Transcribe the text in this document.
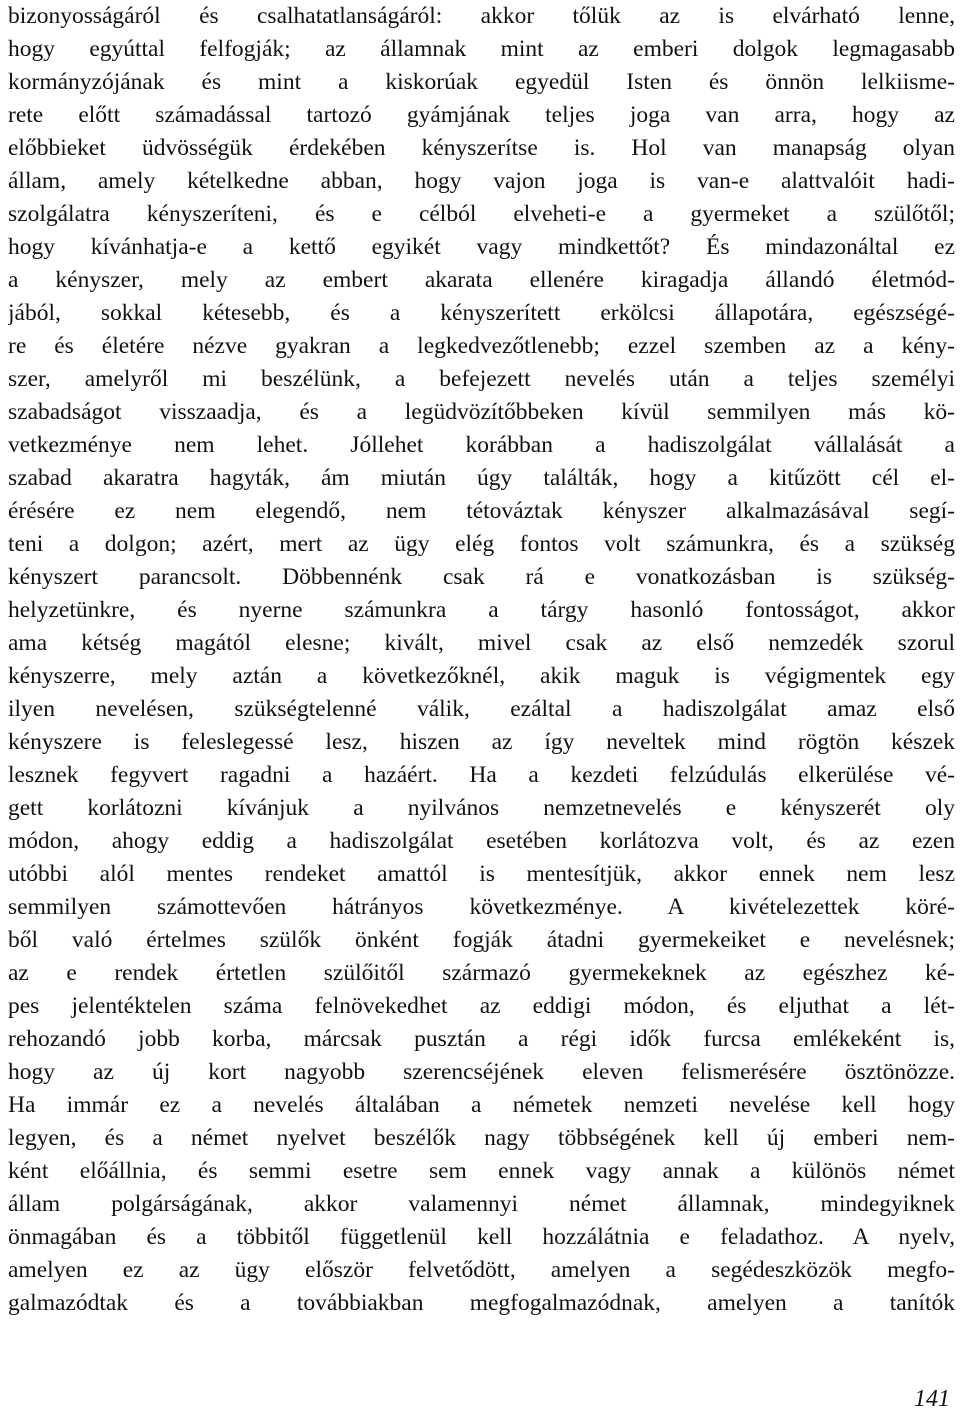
bizonyosságáról és csalhatatlanságáról: akkor tőlük az is elvárható lenne,
hogy egyúttal felfogják; az államnak mint az emberi dolgok legmagasabb
kormányzójának és mint a kiskorúak egyedül Isten és önnön lelkiisme-
rete előtt számadással tartozó gyámjának teljes joga van arra, hogy az
előbbieket üdvösségük érdekében kényszerítse is. Hol van manapság olyan
állam, amely kételkedne abban, hogy vajon joga is van-e alattvalóit hadi-
szolgálatra kényszeríteni, és e célból elveheti-e a gyermeket a szülőtől;
hogy kívánhatja-e a kettő egyikét vagy mindkettőt? És mindazonáltal ez
a kényszer, mely az embert akarata ellenére kiragadja állandó életmód-
jából, sokkal kétesebb, és a kényszerített erkölcsi állapotára, egészségé-
re és életére nézve gyakran a legkedvezőtlenebb; ezzel szemben az a kény-
szer, amelyről mi beszélünk, a befejezett nevelés után a teljes személyi
szabadságot visszaadja, és a legüdvözítőbbeken kívül semmilyen más kö-
vetkezménye nem lehet. Jóllehet korábban a hadiszolgálat vállalását a
szabad akaratra hagyták, ám miután úgy találták, hogy a kitűzött cél el-
érésére ez nem elegendő, nem tétováztak kényszer alkalmazásával segí-
teni a dolgon; azért, mert az ügy elég fontos volt számunkra, és a szükség
kényszert parancsolt. Döbbennénk csak rá e vonatkozásban is szükség-
helyzetünkre, és nyerne számunkra a tárgy hasonló fontosságot, akkor
ama kétség magától elesne; kivált, mivel csak az első nemzedék szorul
kényszerre, mely aztán a következőknél, akik maguk is végigmentek egy
ilyen nevelésen, szükségtelenné válik, ezáltal a hadiszolgálat amaz első
kényszere is feleslegessé lesz, hiszen az így neveltek mind rögtön készek
lesznek fegyvert ragadni a hazáért. Ha a kezdeti felzúdulás elkerülése vé-
gett korlátozni kívánjuk a nyilvános nemzetnevelés e kényszerét oly
módon, ahogy eddig a hadiszolgálat esetében korlátozva volt, és az ezen
utóbbi alól mentes rendeket amattól is mentesítjük, akkor ennek nem lesz
semmilyen számottevően hátrányos következménye. A kivételezettek köré-
ből való értelmes szülők önként fogják átadni gyermekeiket e nevelésnek;
az e rendek értetlen szülőitől származó gyermekeknek az egészhez ké-
pes jelentéktelen száma felnövekedhet az eddigi módon, és eljuthat a lét-
rehozandó jobb korba, márcsak pusztán a régi idők furcsa emlékeként is,
hogy az új kort nagyobb szerencséjének eleven felismerésére ösztönözze.
Ha immár ez a nevelés általában a németek nemzeti nevelése kell hogy
legyen, és a német nyelvet beszélők nagy többségének kell új emberi nem-
ként előállnia, és semmi esetre sem ennek vagy annak a különös német
állam polgárságának, akkor valamennyi német államnak, mindegyiknek
önmagában és a többitől függetlenül kell hozzálátnia e feladathoz. A nyelv,
amelyen ez az ügy először felvetődött, amelyen a segédeszközök megfo-
galmazódtak és a továbbiakban megfogalmazódnak, amelyen a tanítók
141
